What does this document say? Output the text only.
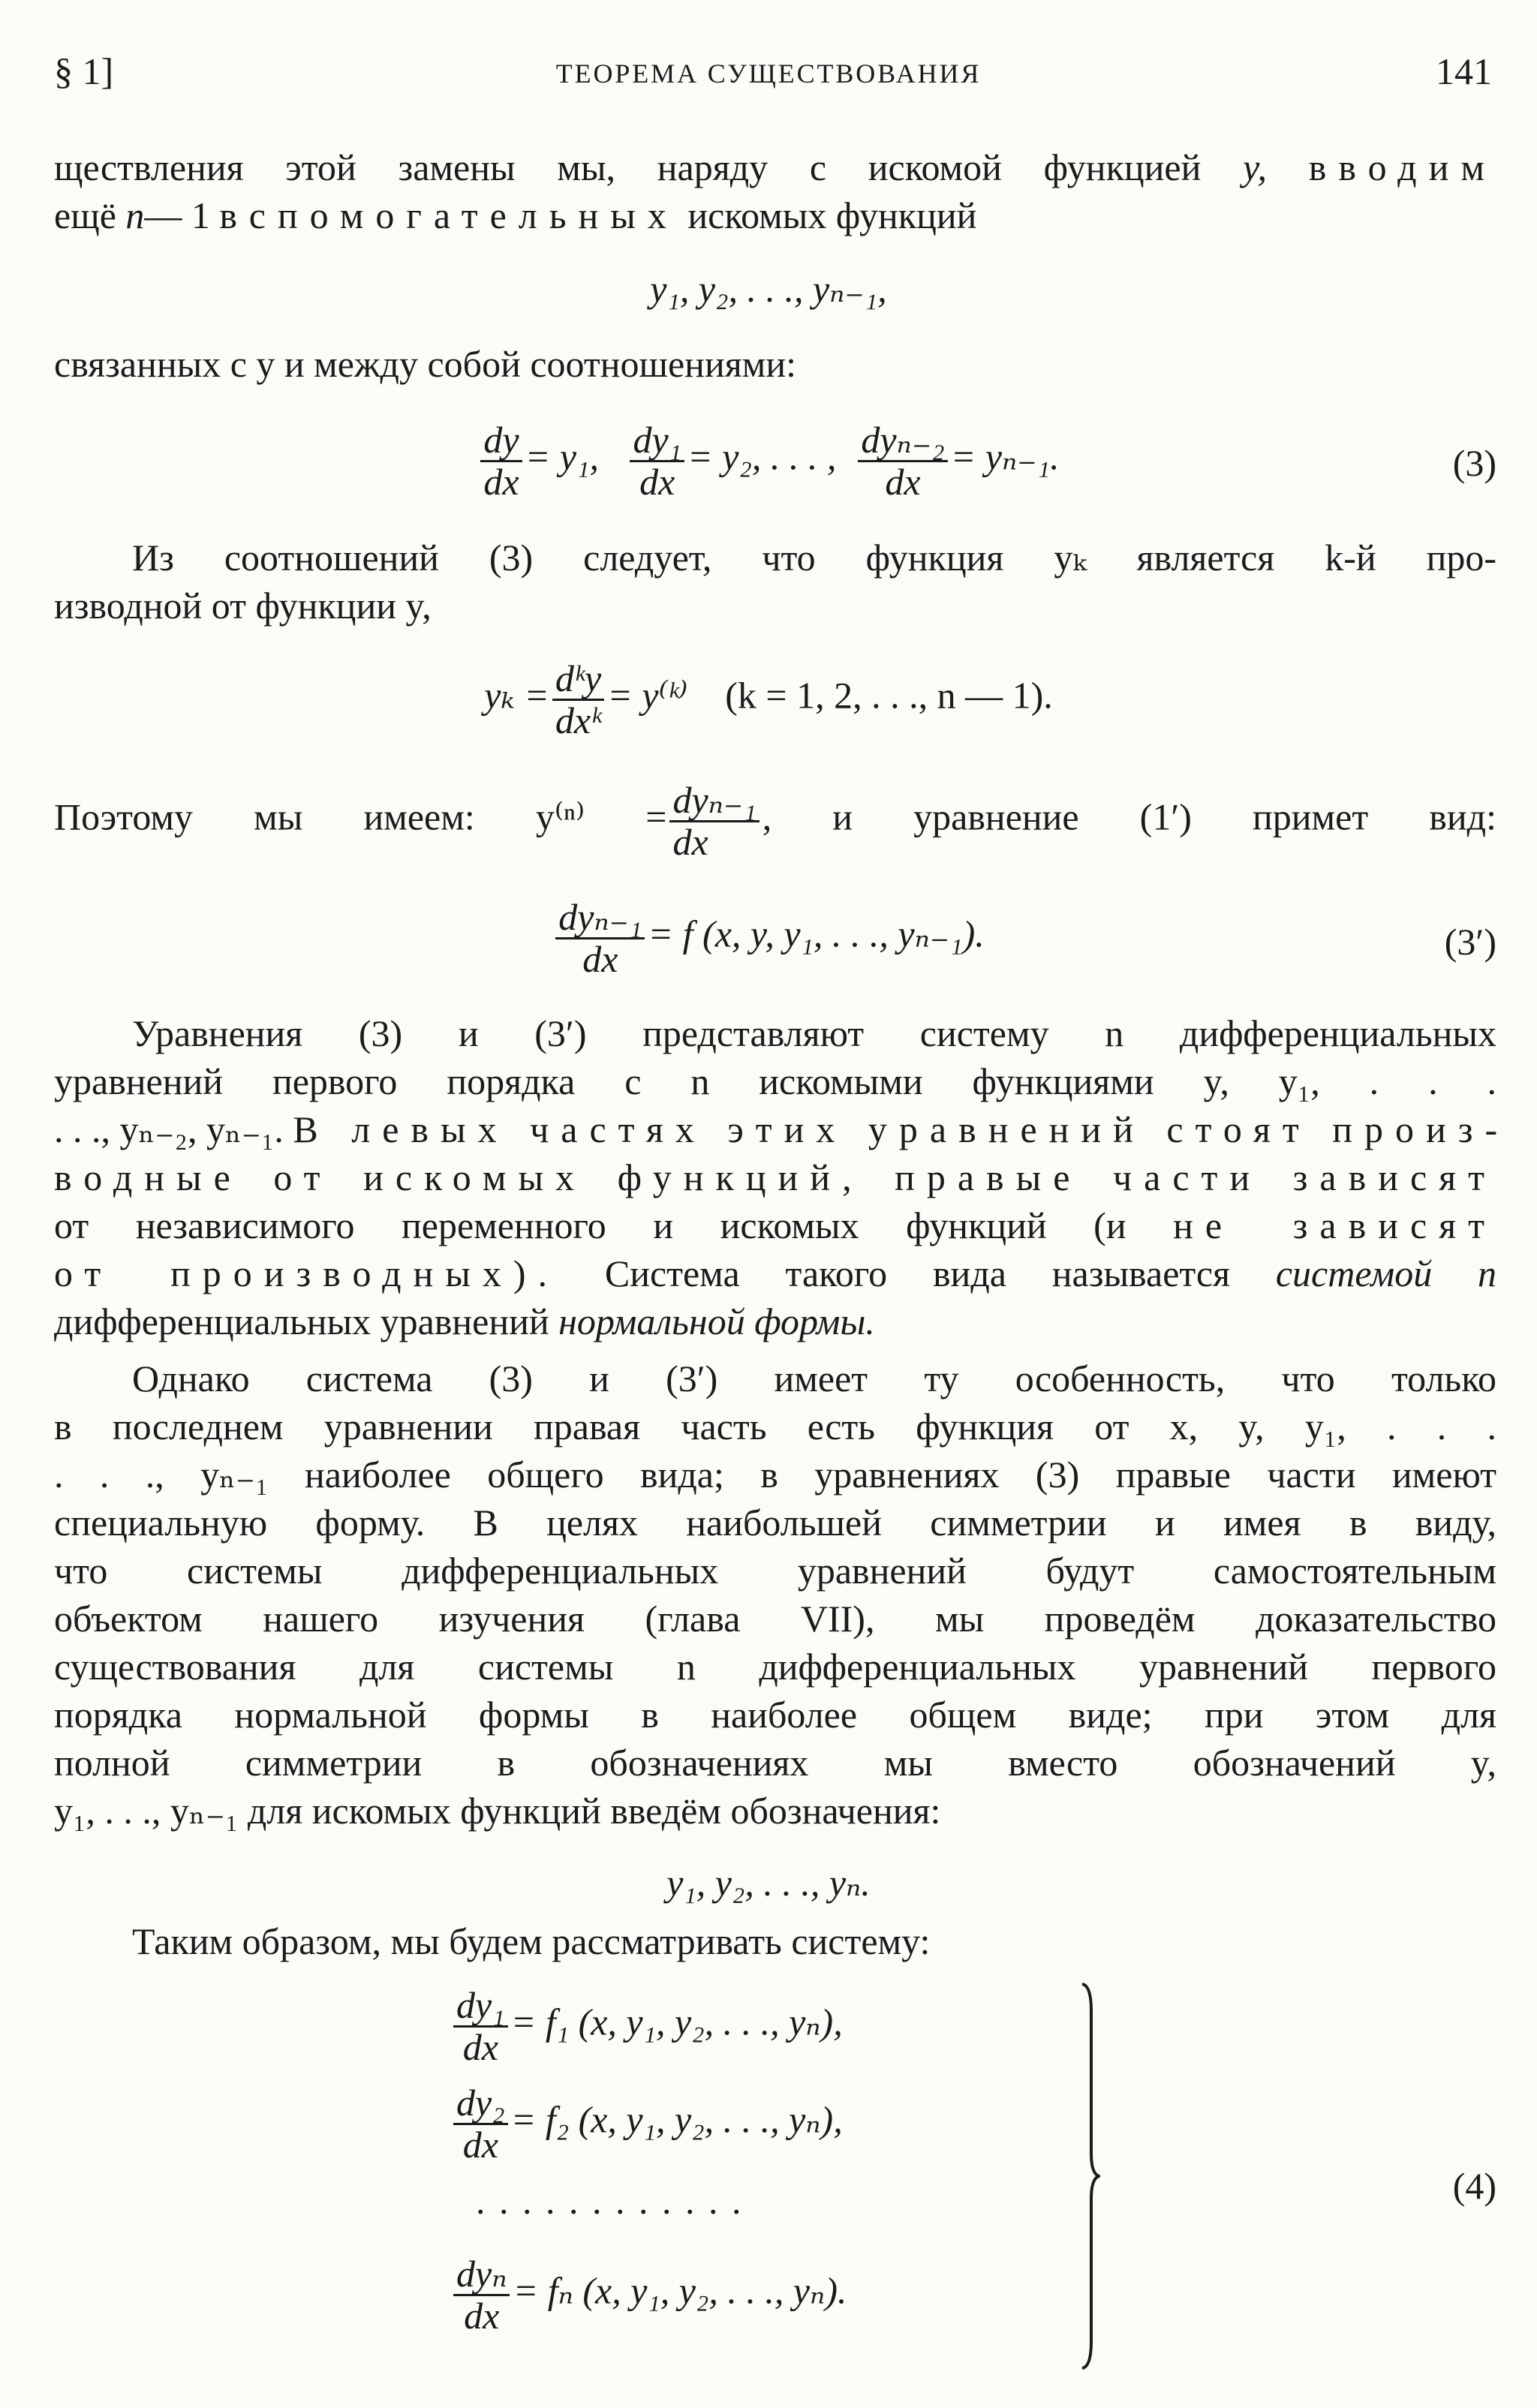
§ 1]	ТЕОРЕМА СУЩЕСТВОВАНИЯ	141
ществления этой замены мы, наряду с искомой функцией y, вводим
ещё n— 1 вспомогательных искомых функций
y₁, y₂, . . ., yₙ₋₁,
связанных с y и между собой соотношениями:
$\frac{dy}{dx} = y_1$, $\frac{\text{dy₁}}{dx} = y_2$, . . . , $\frac{\text{dyₙ₋₂}}{dx} = y_{n-1}$.	(3)
Из соотношений (3) следует, что функция yₖ является k-й про-
изводной от функции y,
$y_k = \frac{\text{dᵏy}}{\text{dxᵏ}}$ = y⁽ᵏ⁾ (k = 1, 2, . . ., n — 1).
Поэтому мы имеем: $y^{(n)} = \frac{\text{dyₙ₋₁}}{dx}$ , и уравнение (1′) примет вид:
$\frac{\text{dyₙ₋₁}}{dx} = f$ (x, y, y₁, . . ., yₙ₋₁).	(3′)
Уравнения (3) и (3′) представляют систему n дифференциальных
уравнений первого порядка с n искомыми функциями y, y₁, . . .
. . ., yₙ₋₂, yₙ₋₁. В левых частях этих уравнений стоят произ-
водные от искомых функций, правые части зависят
от независимого переменного и искомых функций (и не зависят
от производных). Система такого вида называется системой n
дифференциальных уравнений нормальной формы.
Однако система (3) и (3′) имеет ту особенность, что только
в последнем уравнении правая часть есть функция от x, y, y₁, . . .
. . ., yₙ₋₁ наиболее общего вида; в уравнениях (3) правые части имеют
специальную форму. В целях наибольшей симметрии и имея в виду,
что системы дифференциальных уравнений будут самостоятельным
объектом нашего изучения (глава VII), мы проведём доказательство
существования для системы n дифференциальных уравнений первого
порядка нормальной формы в наиболее общем виде; при этом для
полной симметрии в обозначениях мы вместо обозначений y,
y₁, . . ., yₙ₋₁ для искомых функций введём обозначения:
y₁, y₂, . . ., yₙ.
Таким образом, мы будем рассматривать систему:
$\frac{\text{dy₁}}{dx} = f_1$ (x, y₁, y₂, . . ., yₙ),
$\frac{\text{dy₂}}{dx} = f_2$ (x, y₁, y₂, . . ., yₙ),
. . . . . . . . . . . .
$\frac{\text{dyₙ}}{dx} = f_n$ (x, y₁, y₂, . . ., yₙ).
(4)
